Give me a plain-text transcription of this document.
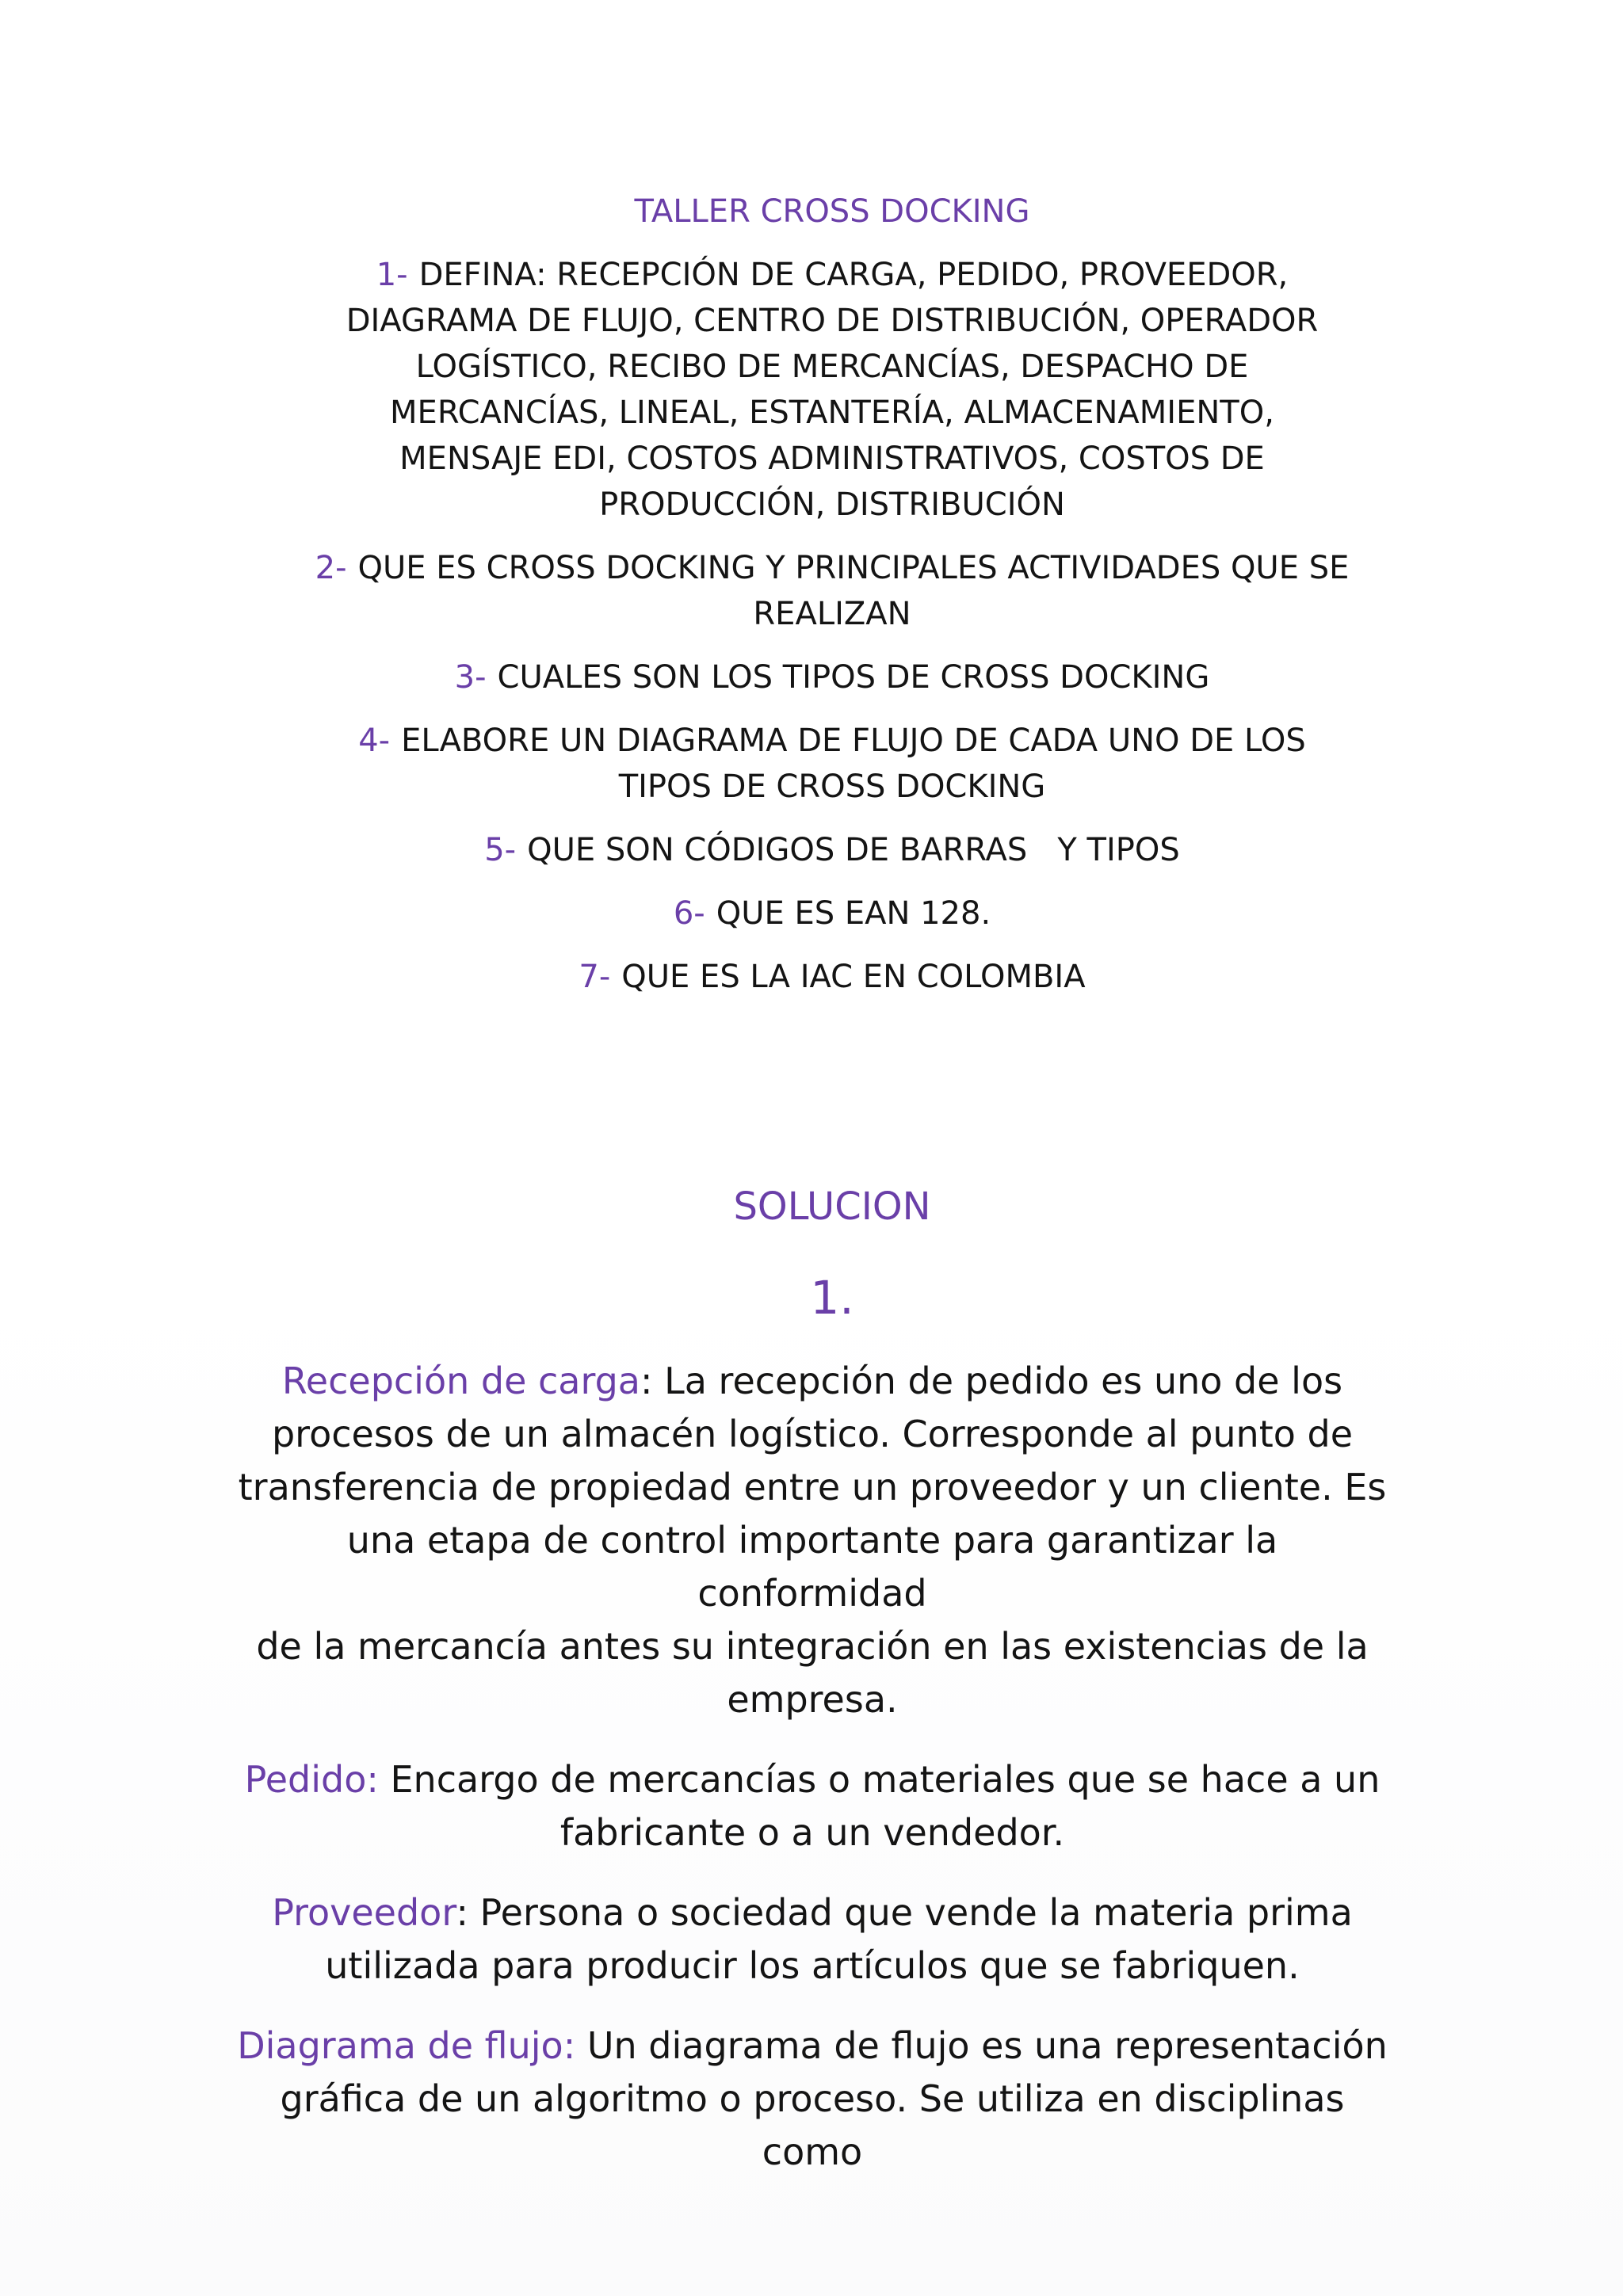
TALLER CROSS DOCKING
1- DEFINA: RECEPCIÓN DE CARGA, PEDIDO, PROVEEDOR,
DIAGRAMA DE FLUJO, CENTRO DE DISTRIBUCIÓN, OPERADOR
LOGÍSTICO, RECIBO DE MERCANCÍAS, DESPACHO DE
MERCANCÍAS, LINEAL, ESTANTERÍA, ALMACENAMIENTO,
MENSAJE EDI, COSTOS ADMINISTRATIVOS, COSTOS DE
PRODUCCIÓN, DISTRIBUCIÓN
2- QUE ES CROSS DOCKING Y PRINCIPALES ACTIVIDADES QUE SE
REALIZAN
3- CUALES SON LOS TIPOS DE CROSS DOCKING
4- ELABORE UN DIAGRAMA DE FLUJO DE CADA UNO DE LOS
TIPOS DE CROSS DOCKING
5- QUE SON CÓDIGOS DE BARRAS   Y TIPOS
6- QUE ES EAN 128.
7- QUE ES LA IAC EN COLOMBIA
SOLUCION
1.
Recepción de carga: La recepción de pedido es uno de los
procesos de un almacén logístico. Corresponde al punto de
transferencia de propiedad entre un proveedor y un cliente. Es
una etapa de control importante para garantizar la conformidad
de la mercancía antes su integración en las existencias de la
empresa.
Pedido: Encargo de mercancías o materiales que se hace a un
fabricante o a un vendedor.
Proveedor: Persona o sociedad que vende la materia prima
utilizada para producir los artículos que se fabriquen.
Diagrama de flujo: Un diagrama de flujo es una representación
gráfica de un algoritmo o proceso. Se utiliza en disciplinas como
